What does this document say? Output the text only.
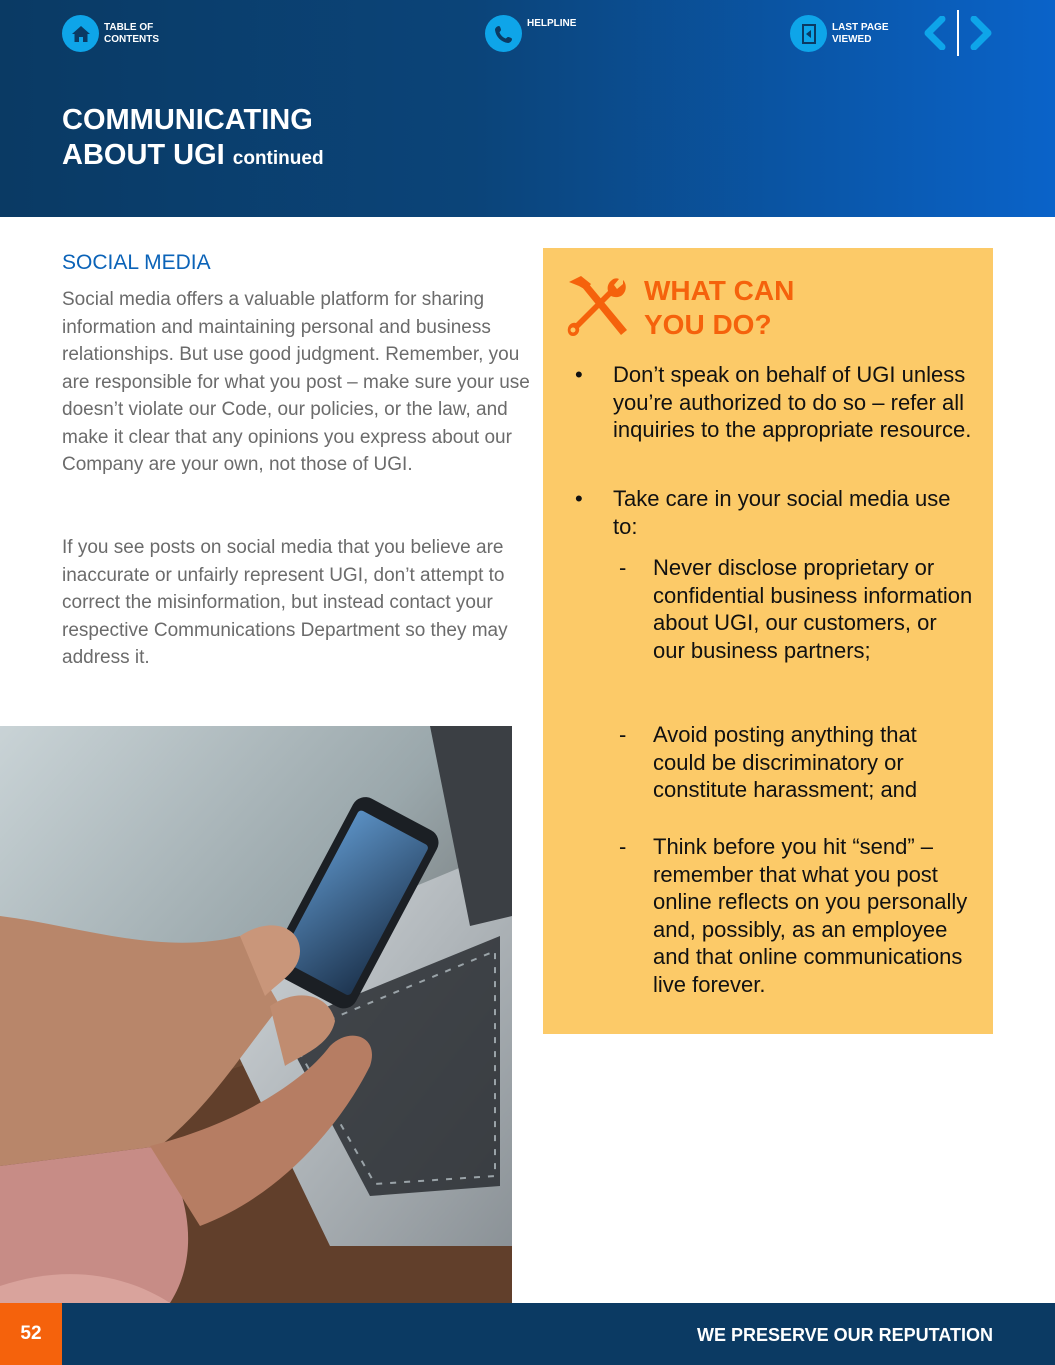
TABLE OF CONTENTS
HELPLINE	LAST PAGE VIEWED
COMMUNICATING
ABOUT UGI continued
SOCIAL MEDIA
Social media offers a valuable platform for sharing information and maintaining personal and business relationships. But use good judgment. Remember, you are responsible for what you post – make sure your use doesn’t violate our Code, our policies, or the law, and make it clear that any opinions you express about our Company are your own, not those of UGI.
If you see posts on social media that you believe are inaccurate or unfairly represent UGI, don’t attempt to correct the misinformation, but instead contact your respective Communications Department so they may address it.
WHAT CAN
YOU DO?
• Don’t speak on behalf of UGI unless you’re authorized to do so – refer all inquiries to the appropriate resource.
• Take care in your social media use to:
- Never disclose proprietary or confidential business information about UGI, our customers, or our business partners;
- Avoid posting anything that could be discriminatory or constitute harassment; and
- Think before you hit “send” – remember that what you post online reflects on you personally and, possibly, as an employee and that online communications live forever.
52	WE PRESERVE OUR REPUTATION
